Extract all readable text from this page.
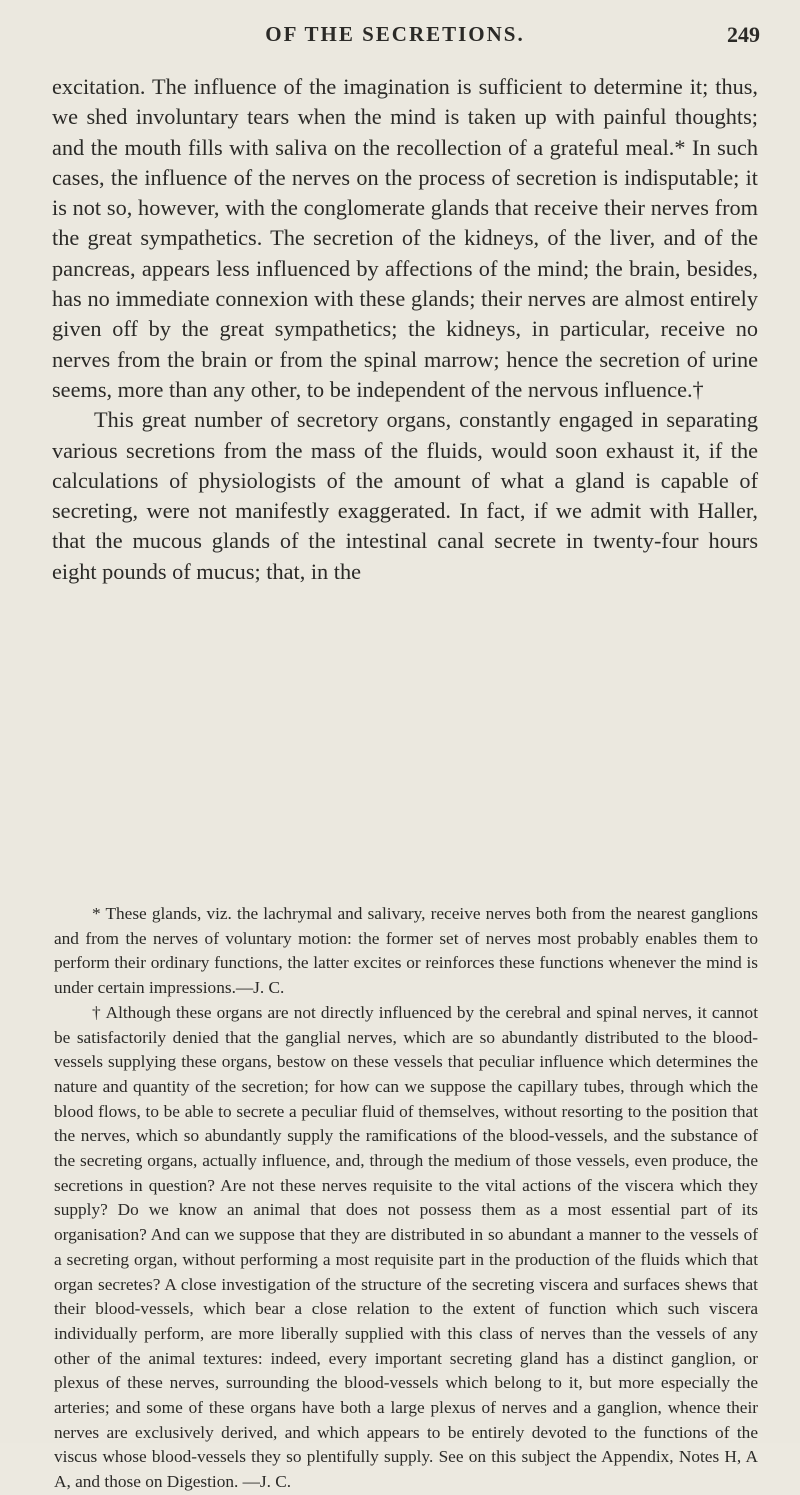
OF THE SECRETIONS.	249

excitation. The influence of the imagination is sufficient to determine it; thus, we shed involuntary tears when the mind is taken up with painful thoughts; and the mouth fills with saliva on the recollection of a grateful meal.* In such cases, the influence of the nerves on the process of secretion is indisputable; it is not so, however, with the conglomerate glands that receive their nerves from the great sympathetics. The secretion of the kidneys, of the liver, and of the pancreas, appears less influenced by affections of the mind; the brain, besides, has no immediate connexion with these glands; their nerves are almost entirely given off by the great sympathetics; the kidneys, in particular, receive no nerves from the brain or from the spinal marrow; hence the secretion of urine seems, more than any other, to be independent of the nervous influence.†

This great number of secretory organs, constantly engaged in separating various secretions from the mass of the fluids, would soon exhaust it, if the calculations of physiologists of the amount of what a gland is capable of secreting, were not manifestly exaggerated. In fact, if we admit with Haller, that the mucous glands of the intestinal canal secrete in twenty-four hours eight pounds of mucus; that, in the

* These glands, viz. the lachrymal and salivary, receive nerves both from the nearest ganglions and from the nerves of voluntary motion: the former set of nerves most probably enables them to perform their ordinary functions, the latter excites or reinforces these functions whenever the mind is under certain impressions.—J. C.

† Although these organs are not directly influenced by the cerebral and spinal nerves, it cannot be satisfactorily denied that the ganglial nerves, which are so abundantly distributed to the blood-vessels supplying these organs, bestow on these vessels that peculiar influence which determines the nature and quantity of the secretion; for how can we suppose the capillary tubes, through which the blood flows, to be able to secrete a peculiar fluid of themselves, without resorting to the position that the nerves, which so abundantly supply the ramifications of the blood-vessels, and the substance of the secreting organs, actually influence, and, through the medium of those vessels, even produce, the secretions in question? Are not these nerves requisite to the vital actions of the viscera which they supply? Do we know an animal that does not possess them as a most essential part of its organisation? And can we suppose that they are distributed in so abundant a manner to the vessels of a secreting organ, without performing a most requisite part in the production of the fluids which that organ secretes? A close investigation of the structure of the secreting viscera and surfaces shews that their blood-vessels, which bear a close relation to the extent of function which such viscera individually perform, are more liberally supplied with this class of nerves than the vessels of any other of the animal textures: indeed, every important secreting gland has a distinct ganglion, or plexus of these nerves, surrounding the blood-vessels which belong to it, but more especially the arteries; and some of these organs have both a large plexus of nerves and a ganglion, whence their nerves are exclusively derived, and which appears to be entirely devoted to the functions of the viscus whose blood-vessels they so plentifully supply. See on this subject the Appendix, Notes H, A A, and those on Digestion. —J. C.
